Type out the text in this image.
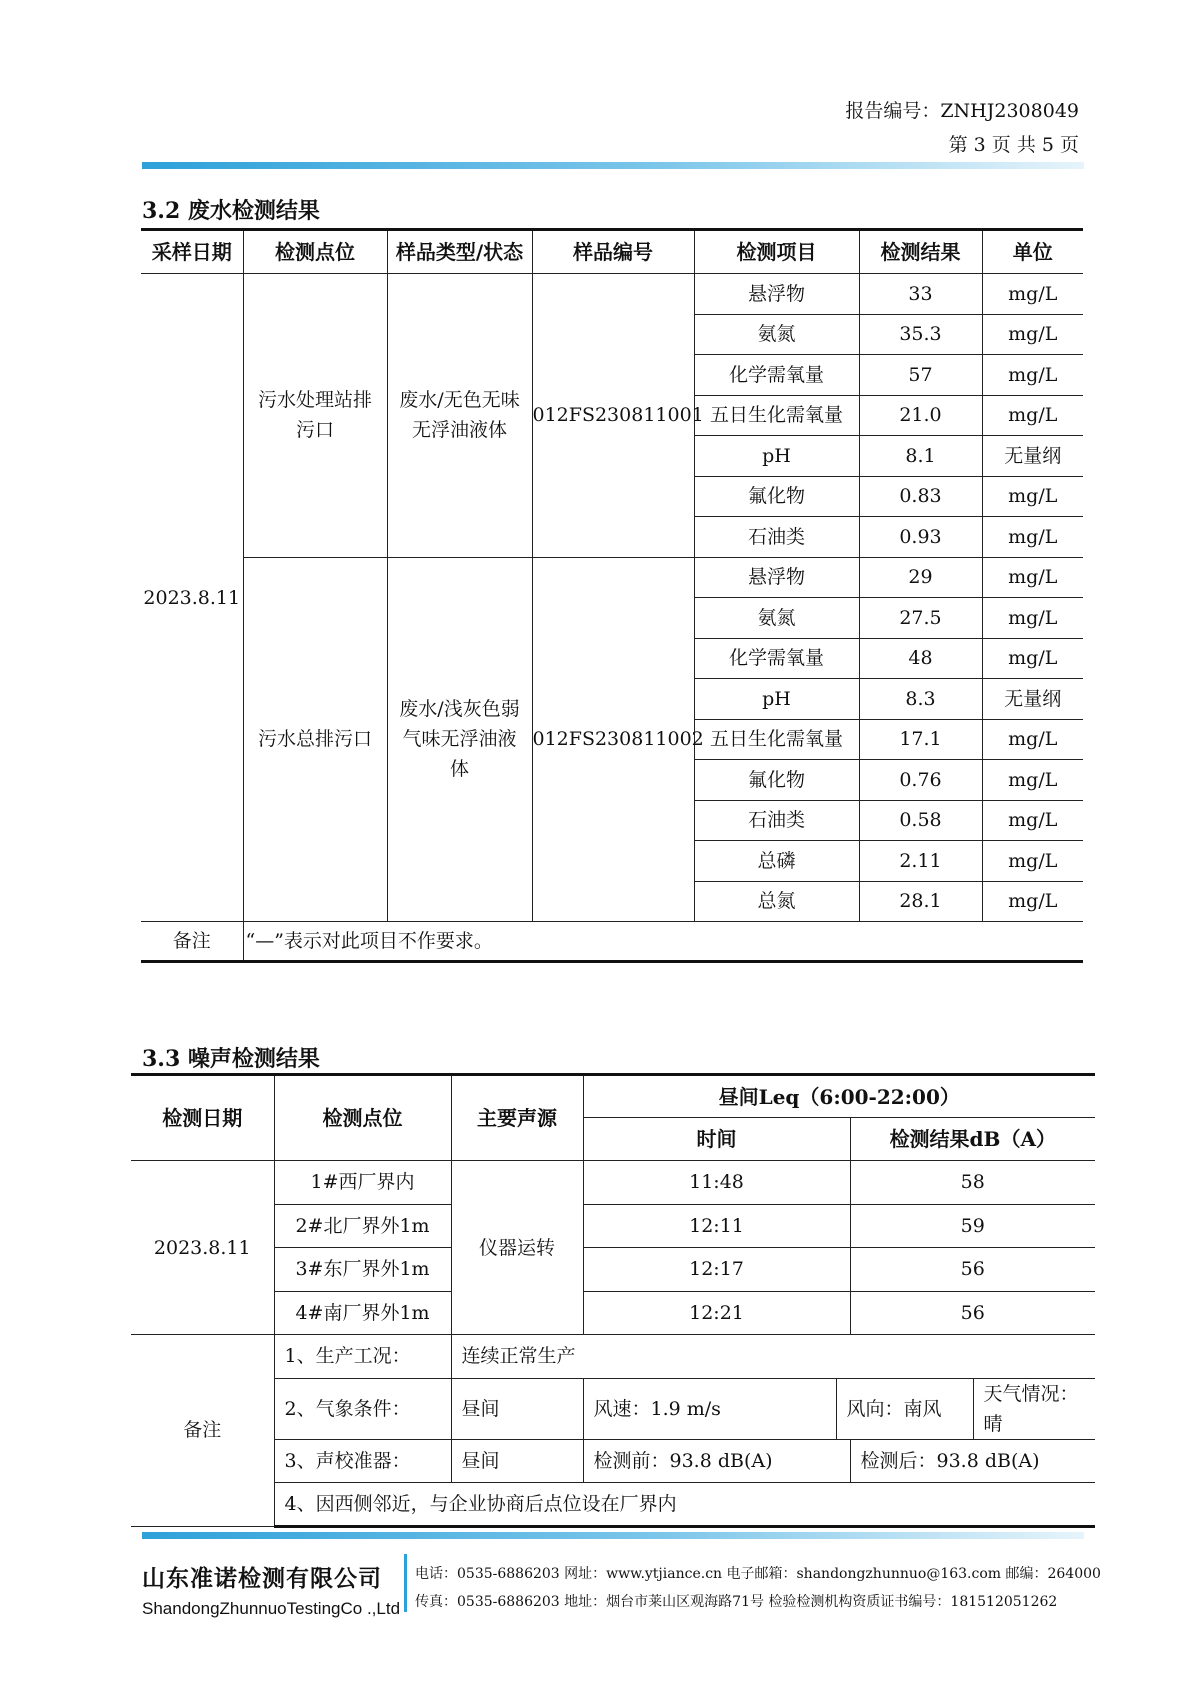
报告编号：ZNHJ2308049
第 3 页 共 5 页
3.2 废水检测结果
采样日期	检测点位	样品类型/状态	样品编号	检测项目	检测结果	单位
2023.8.11	污水处理站排污口	废水/无色无味无浮油液体	012FS230811001	悬浮物	33	mg/L
				氨氮	35.3	mg/L
				化学需氧量	57	mg/L
				五日生化需氧量	21.0	mg/L
				pH	8.1	无量纲
				氟化物	0.83	mg/L
				石油类	0.93	mg/L
	污水总排污口	废水/浅灰色弱气味无浮油液体	012FS230811002	悬浮物	29	mg/L
				氨氮	27.5	mg/L
				化学需氧量	48	mg/L
				pH	8.3	无量纲
				五日生化需氧量	17.1	mg/L
				氟化物	0.76	mg/L
				石油类	0.58	mg/L
				总磷	2.11	mg/L
				总氮	28.1	mg/L
备注	“—”表示对此项目不作要求。					
3.3 噪声检测结果
检测日期	检测点位	主要声源	昼间Leq（6:00-22:00）			
			时间		检测结果dB（A）	
2023.8.11	1#西厂界内	仪器运转	11:48		58	
	2#北厂界外1m		12:11		59	
	3#东厂界外1m		12:17		56	
	4#南厂界外1m		12:21		56	
备注	1、生产工况：	连续正常生产				
	2、气象条件：	昼间	风速：1.9 m/s	风向：南风		天气情况：晴
	3、声校准器：	昼间	检测前：93.8 dB(A)		检测后：93.8 dB(A)	
	4、因西侧邻近，与企业协商后点位设在厂界内					
山东准诺检测有限公司
ShandongZhunnuoTestingCo .,Ltd
电话：0535-6886203 网址：www.ytjiance.cn 电子邮箱：shandongzhunnuo@163.com 邮编：264000
传真：0535-6886203 地址：烟台市莱山区观海路71号 检验检测机构资质证书编号：181512051262
